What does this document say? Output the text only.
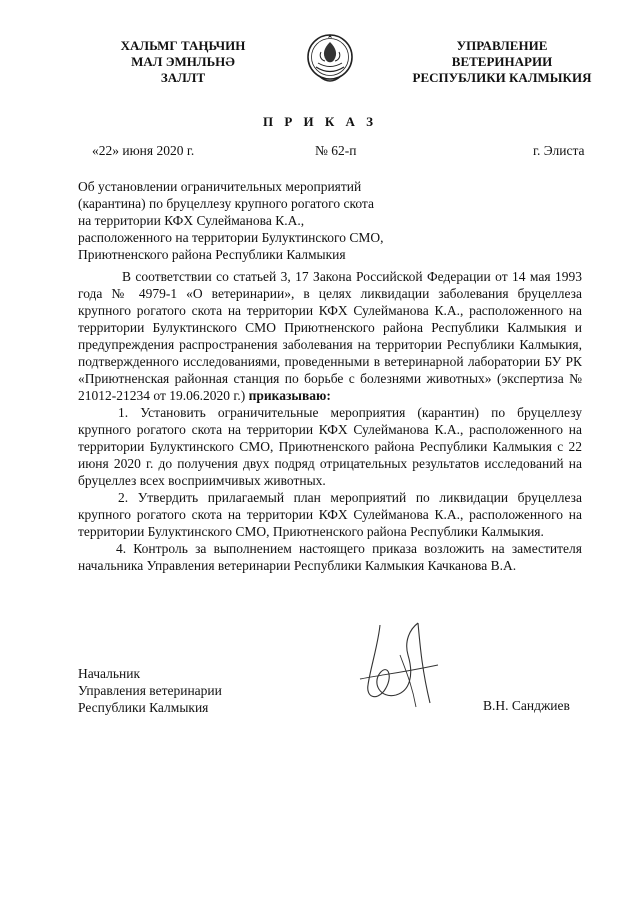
ХАЛЬМГ ТАҢЬЧИН
МАЛ ЭМНЛЬНӘ
ЗАЛЛТ
УПРАВЛЕНИЕ
ВЕТЕРИНАРИИ
РЕСПУБЛИКИ КАЛМЫКИЯ
П Р И К А З
«22» июня 2020 г.	№ 62-п	г. Элиста
Об установлении ограничительных мероприятий
(карантина) по бруцеллезу крупного рогатого скота
на территории КФХ Сулейманова К.А.,
расположенного на территории Булуктинского СМО,
Приютненского района Республики Калмыкия

В соответствии со статьей 3, 17 Закона Российской Федерации от 14 мая 1993 года № 4979-1 «О ветеринарии», в целях ликвидации заболевания бруцеллеза крупного рогатого скота на территории КФХ Сулейманова К.А., расположенного на территории Булуктинского СМО Приютненского района Республики Калмыкия и предупреждения распространения заболевания на территории Республики Калмыкия, подтвержденного исследованиями, проведенными в ветеринарной лаборатории БУ РК «Приютненская районная станция по борьбе с болезнями животных» (экспертиза № 21012-21234 от 19.06.2020 г.) приказываю:

1. Установить ограничительные мероприятия (карантин) по бруцеллезу крупного рогатого скота на территории КФХ Сулейманова К.А., расположенного на территории Булуктинского СМО, Приютненского района Республики Калмыкия с 22 июня 2020 г. до получения двух подряд отрицательных результатов исследований на бруцеллез всех восприимчивых животных.

2. Утвердить прилагаемый план мероприятий по ликвидации бруцеллеза крупного рогатого скота на территории КФХ Сулейманова К.А., расположенного на территории Булуктинского СМО, Приютненского района Республики Калмыкия.

4. Контроль за выполнением настоящего приказа возложить на заместителя начальника Управления ветеринарии Республики Калмыкия Качканова В.А.

Начальник
Управления ветеринарии
Республики Калмыкия	В.Н. Санджиев
